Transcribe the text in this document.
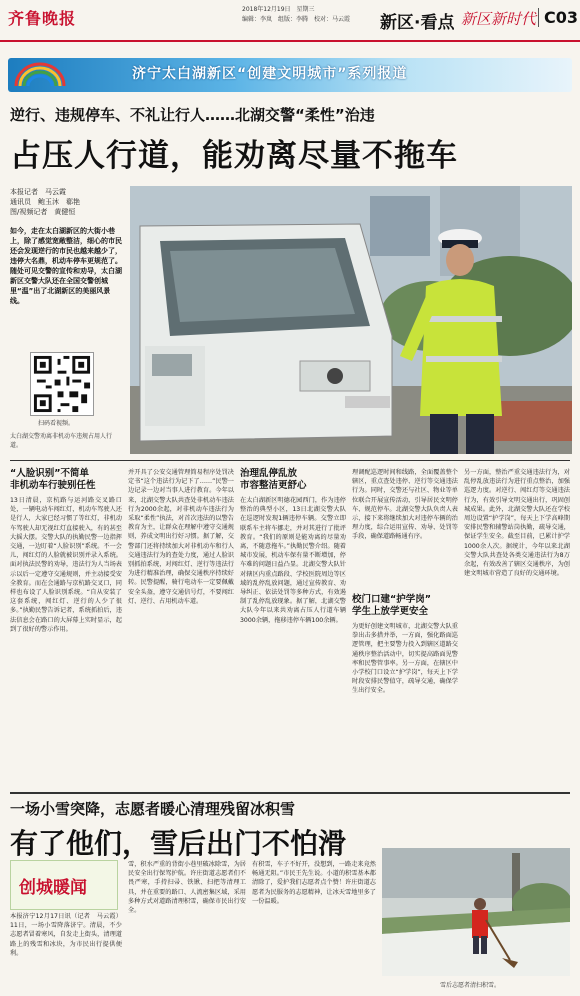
齐鲁晚报	2018年12月19日　星期三
编辑：李岚　组版：李腾　校对：马云霞 新区·看点 新区新时代 C03
济宁太白湖新区“创建文明城市”系列报道
逆行、违规停车、不礼让行人……北湖交警“柔性”治违
占压人行道，能劝离尽量不拖车
本报记者　马云霞
通讯员　鲍玉沐　郗艳
图/视频记者　黄健恒
如今，走在太白湖新区的大街小巷上，除了感觉宽敞整洁，细心的市民还会发现逆行的市民也越来越少了，违停大名鼎，机动车停车更规范了。随处可见交警的宣传和劝导，太白湖新区交警大队还在全国交警创城里“温”出了北湖新区的美丽风景线。
扫码看视频。
太白湖交警劝离非机动车违规占用人行道。
“人脸识别”不简单
非机动车行驶别任性
13日清晨，京杭路与运河路交叉路口处，一辆电动车闯红灯，机动车驾驶人还是行人，大家已经习惯了等红灯，非机动车驾驶人却无视红灯直接驶入，有的甚至大摇大摆。交警大队的执勤民警一边指挥交通，一边盯着“人脸识别”系统。不一会儿，闯红灯的人脸就被识别并录入系统。面对执法民警的劝导，违法行为人当场表示以后一定遵守交通规则，并主动接受安全教育。而在会通路与京杭路交叉口，同样也布设了人脸识别系统。“自从安装了这套系统，闯红灯、逆行的人少了很多。”执勤民警告诉记者，系统抓拍后，违法信息会在路口的大屏幕上实时显示，起到了很好的警示作用。
并开具了公安交通管理简易程序处罚决定书“这个违法行为记下了……”民警一边记录一边对当事人进行教育。今年以来，北湖交警大队共查处非机动车违法行为2000余起，对非机动车违法行为采取“柔性”执法，对首次违法的以警告教育为主，让群众在理解中遵守交通规则，养成文明出行好习惯。据了解，交警部门还将持续加大对非机动车和行人交通违法行为的查处力度，通过人脸识别抓拍系统，对闯红灯、逆行等违法行为进行精准治理，确保交通秩序持续好转。民警提醒，骑行电动车一定要佩戴安全头盔，遵守交通信号灯，不要闯红灯、逆行、占用机动车道。
治理乱停乱放
市容整洁更舒心
在太白湖新区明德花园西门，作为违停整治的典型小区，13日北湖交警大队在巡逻时发现1辆违停车辆。交警立即联系车主将车挪走，并对其进行了批评教育。“我们的原则是能劝离的尽量劝离，不随意拖车。”执勤民警介绍。随着城市发展，机动车保有量不断增加，停车难的问题日益凸显。北湖交警大队针对辖区内重点路段、学校医院周边等区域的乱停乱放问题，通过宣传教育、劝导纠正、依法处罚等多种方式，有效遏制了乱停乱放现象。据了解，北湖交警大队今年以来共劝离占压人行道车辆3000余辆，拖移违停车辆100余辆。
理调配巡逻时间和线路，全面覆盖整个辖区，重点查处违停、逆行等交通违法行为。同时，交警还与社区、物业等单位联合开展宣传活动，引导居民文明停车、规范停车。北湖交警大队负责人表示，接下来将继续加大对违停车辆的治理力度，综合运用宣传、劝导、处罚等手段，确保道路畅通有序。
校门口建“护学岗”
学生上放学更安全
为更好创建文明城市，北湖交警大队重拳出击多措并举，一方面，强化路面巡逻管理，把主要警力投入到辖区道路交通秩序整治活动中，切实提高路面见警率和民警管事率。另一方面，在辖区中小学校门口设立“护学岗”，每天上下学时段安排民警值守，疏导交通，确保学生出行安全。
另一方面，整治严重交通违法行为，对乱停乱放违法行为进行重点整治，加强巡逻力度。对逆行、闯红灯等交通违法行为，有效引导文明交通出行，巩固创城成果。此外，北湖交警大队还在学校周边设置“护学岗”，每天上下学高峰期安排民警和辅警站岗执勤，疏导交通，保证学生安全。截至目前，已累计护学1000余人次。据统计，今年以来北湖交警大队共查处各类交通违法行为8万余起，有效改善了辖区交通秩序，为创建文明城市营造了良好的交通环境。
一场小雪突降，志愿者暖心清理残留冰积雪
有了他们，雪后出门不怕滑
创城暖闻
本报济宁12月17日讯（记者　马云霞）11日，一场小雪降落济宁。清晨，不少志愿者冒着寒风，自发走上街头，清理道路上的残雪和冰块，为市民出行提供便利。
雪，积水严重的背街小巷里破冰除雪，为居民安全出行保驾护航。许庄街道志愿者们不畏严寒，手持扫帚、铁锹、扫把等清理工具，并在重要的路口、人流密集区域，采用多种方式对道路清理积雪，确保市民出行安全。
有积雪，车子不好开，没想到，一路走来竟然畅通无阻。”市民王先生说。小道的积雪基本都清除了，爱护我们志愿者点个赞！许庄街道志愿者为民服务的志愿精神，让冰天雪地里多了一份温暖。
雪后志愿者清扫积雪。
